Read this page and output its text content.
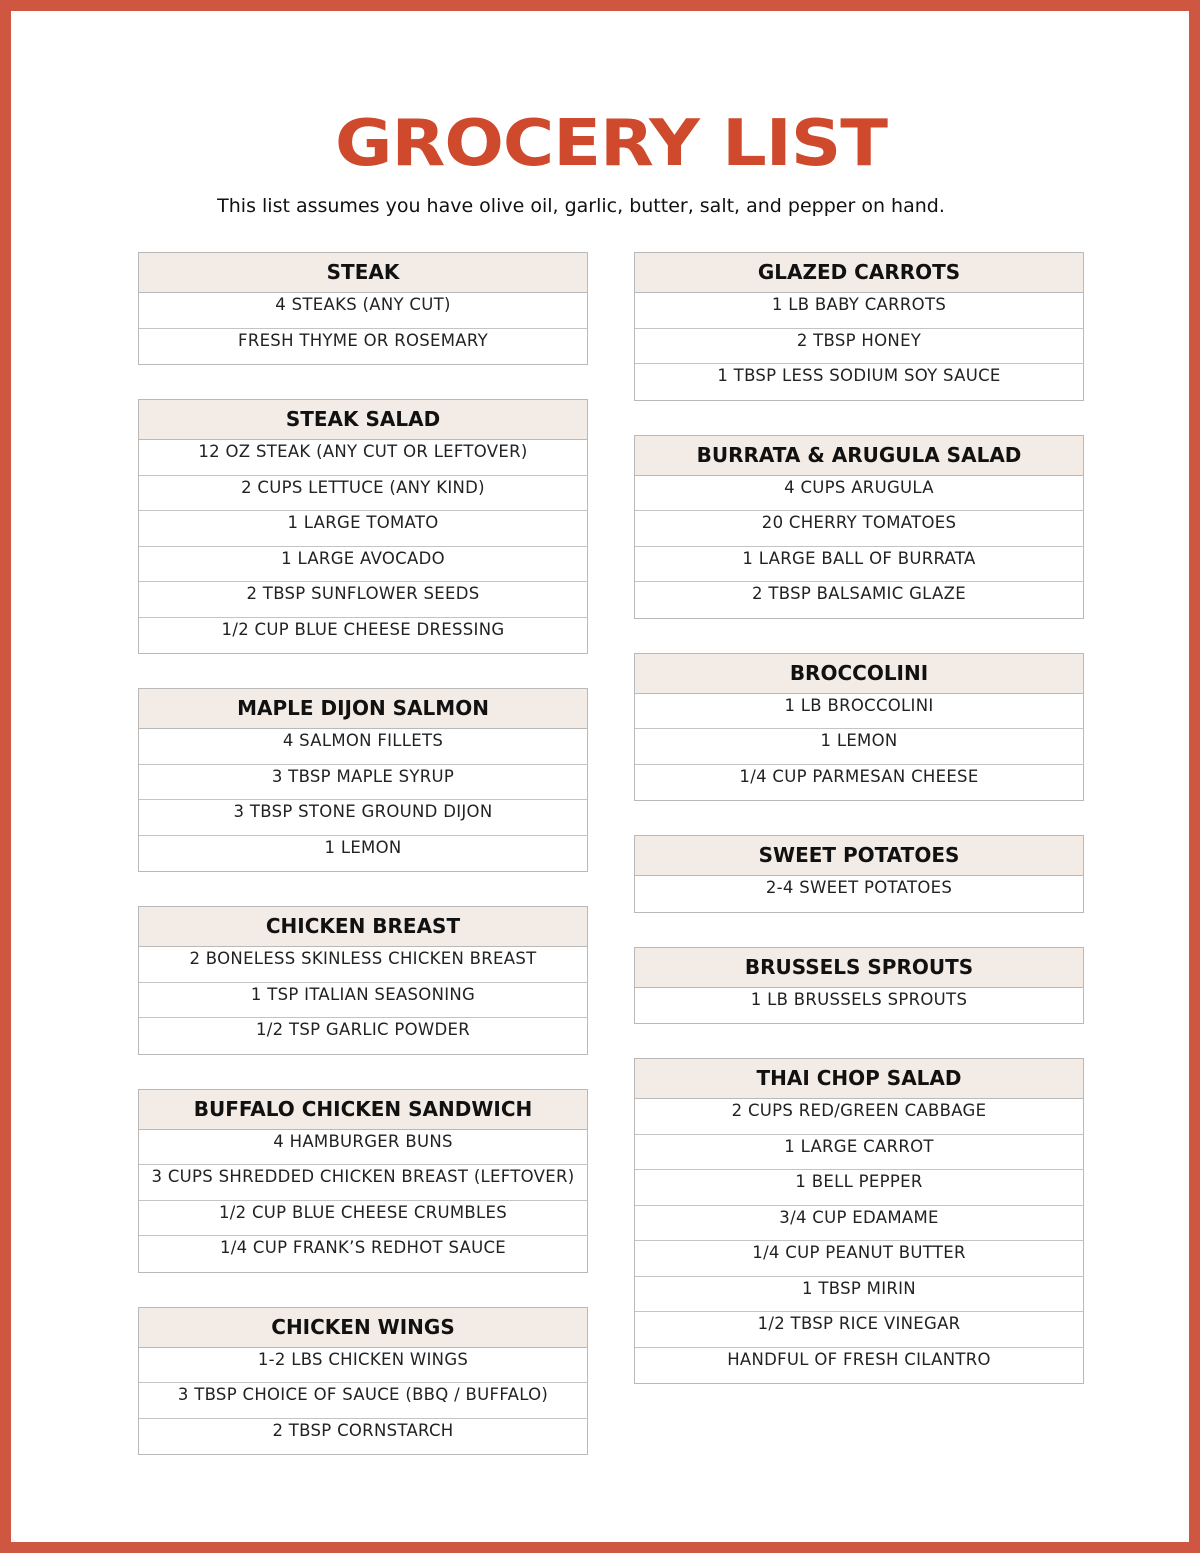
GROCERY LIST
This list assumes you have olive oil, garlic, butter, salt, and pepper on hand.
STEAK
4 STEAKS (ANY CUT)
FRESH THYME OR ROSEMARY
STEAK SALAD
12 OZ STEAK (ANY CUT OR LEFTOVER)
2 CUPS LETTUCE (ANY KIND)
1 LARGE TOMATO
1 LARGE AVOCADO
2 TBSP SUNFLOWER SEEDS
1/2 CUP BLUE CHEESE DRESSING
MAPLE DIJON SALMON
4 SALMON FILLETS
3 TBSP MAPLE SYRUP
3 TBSP STONE GROUND DIJON
1 LEMON
CHICKEN BREAST
2 BONELESS SKINLESS CHICKEN BREAST
1 TSP ITALIAN SEASONING
1/2 TSP GARLIC POWDER
BUFFALO CHICKEN SANDWICH
4 HAMBURGER BUNS
3 CUPS SHREDDED CHICKEN BREAST (LEFTOVER)
1/2 CUP BLUE CHEESE CRUMBLES
1/4 CUP FRANK’S REDHOT SAUCE
CHICKEN WINGS
1-2 LBS CHICKEN WINGS
3 TBSP CHOICE OF SAUCE (BBQ / BUFFALO)
2 TBSP CORNSTARCH
GLAZED CARROTS
1 LB BABY CARROTS
2 TBSP HONEY
1 TBSP LESS SODIUM SOY SAUCE
BURRATA & ARUGULA SALAD
4 CUPS ARUGULA
20 CHERRY TOMATOES
1 LARGE BALL OF BURRATA
2 TBSP BALSAMIC GLAZE
BROCCOLINI
1 LB BROCCOLINI
1 LEMON
1/4 CUP PARMESAN CHEESE
SWEET POTATOES
2-4 SWEET POTATOES
BRUSSELS SPROUTS
1 LB BRUSSELS SPROUTS
THAI CHOP SALAD
2 CUPS RED/GREEN CABBAGE
1 LARGE CARROT
1 BELL PEPPER
3/4 CUP EDAMAME
1/4 CUP PEANUT BUTTER
1 TBSP MIRIN
1/2 TBSP RICE VINEGAR
HANDFUL OF FRESH CILANTRO
